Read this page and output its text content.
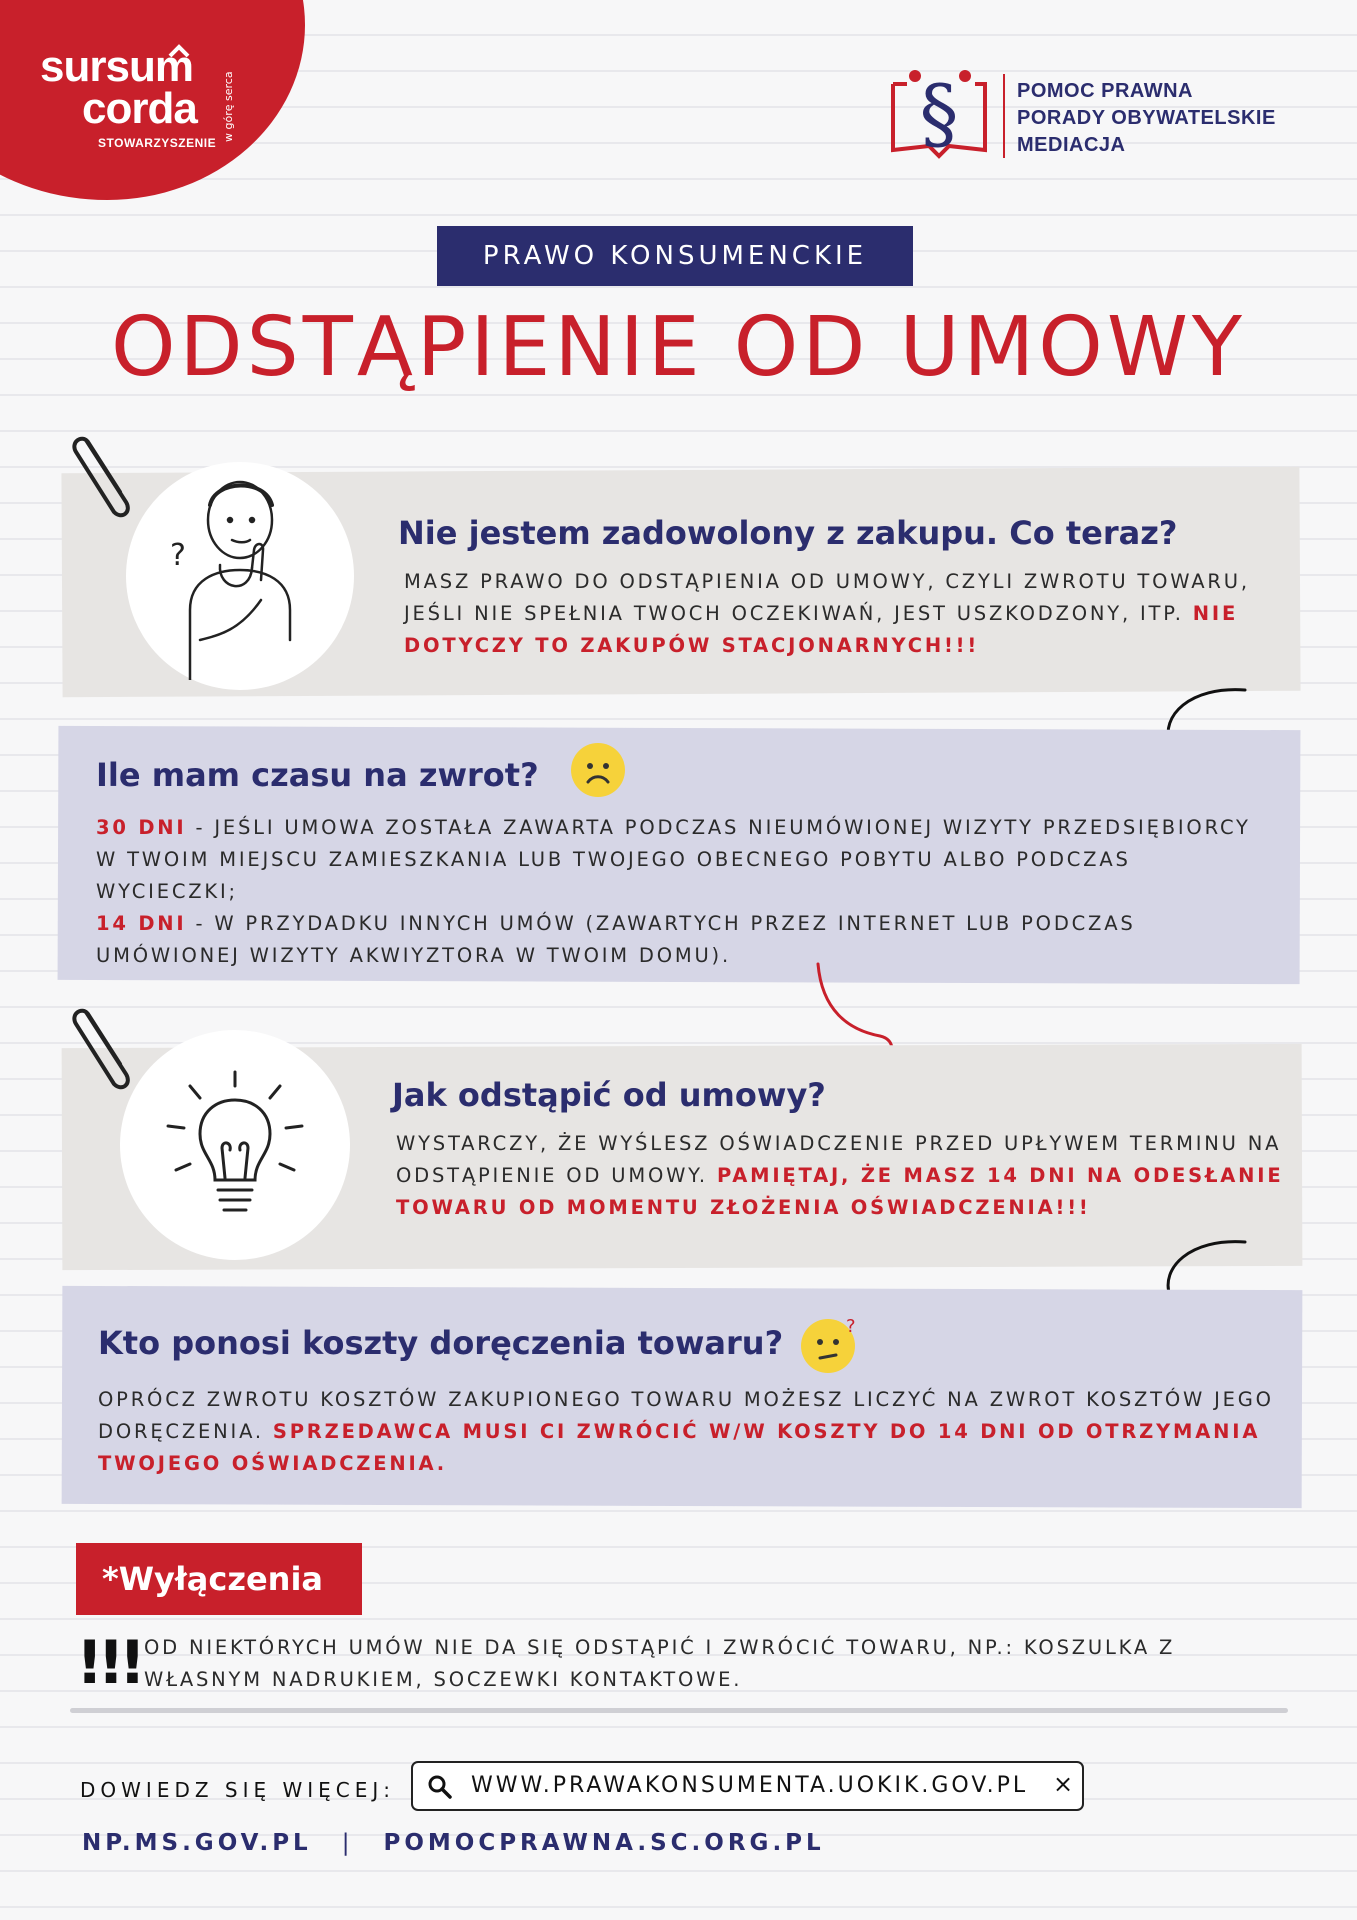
sursum
corda
STOWARZYSZENIE
w górę serca	§	POMOC PRAWNA
PORADY OBYWATELSKIE
MEDIACJA
PRAWO KONSUMENCKIE
ODSTĄPIENIE OD UMOWY
?
Nie jestem zadowolony z zakupu. Co teraz?
MASZ PRAWO DO ODSTĄPIENIA OD UMOWY, CZYLI ZWROTU TOWARU, JEŚLI NIE SPEŁNIA TWOCH OCZEKIWAŃ, JEST USZKODZONY, ITP. NIE DOTYCZY TO ZAKUPÓW STACJONARNYCH!!!
Ile mam czasu na zwrot?
30 DNI - JEŚLI UMOWA ZOSTAŁA ZAWARTA PODCZAS NIEUMÓWIONEJ WIZYTY PRZEDSIĘBIORCY W TWOIM MIEJSCU ZAMIESZKANIA LUB TWOJEGO OBECNEGO POBYTU ALBO PODCZAS WYCIECZKI;
14 DNI - W PRZYDADKU INNYCH UMÓW (ZAWARTYCH PRZEZ INTERNET LUB PODCZAS UMÓWIONEJ WIZYTY AKWIYZTORA W TWOIM DOMU).
Jak odstąpić od umowy?
WYSTARCZY, ŻE WYŚLESZ OŚWIADCZENIE PRZED UPŁYWEM TERMINU NA ODSTĄPIENIE OD UMOWY. PAMIĘTAJ, ŻE MASZ 14 DNI NA ODESŁANIE TOWARU OD MOMENTU ZŁOŻENIA OŚWIADCZENIA!!!
Kto ponosi koszty doręczenia towaru?	?
OPRÓCZ ZWROTU KOSZTÓW ZAKUPIONEGO TOWARU MOŻESZ LICZYĆ NA ZWROT KOSZTÓW JEGO DORĘCZENIA. SPRZEDAWCA MUSI CI ZWRÓCIĆ W/W KOSZTY DO 14 DNI OD OTRZYMANIA TWOJEGO OŚWIADCZENIA.
*Wyłączenia
!!! OD NIEKTÓRYCH UMÓW NIE DA SIĘ ODSTĄPIĆ I ZWRÓCIĆ TOWARU, NP.: KOSZULKA Z WŁASNYM NADRUKIEM, SOCZEWKI KONTAKTOWE.
DOWIEDZ SIĘ WIĘCEJ:	WWW.PRAWAKONSUMENTA.UOKIK.GOV.PL ×
NP.MS.GOV.PL | POMOCPRAWNA.SC.ORG.PL
